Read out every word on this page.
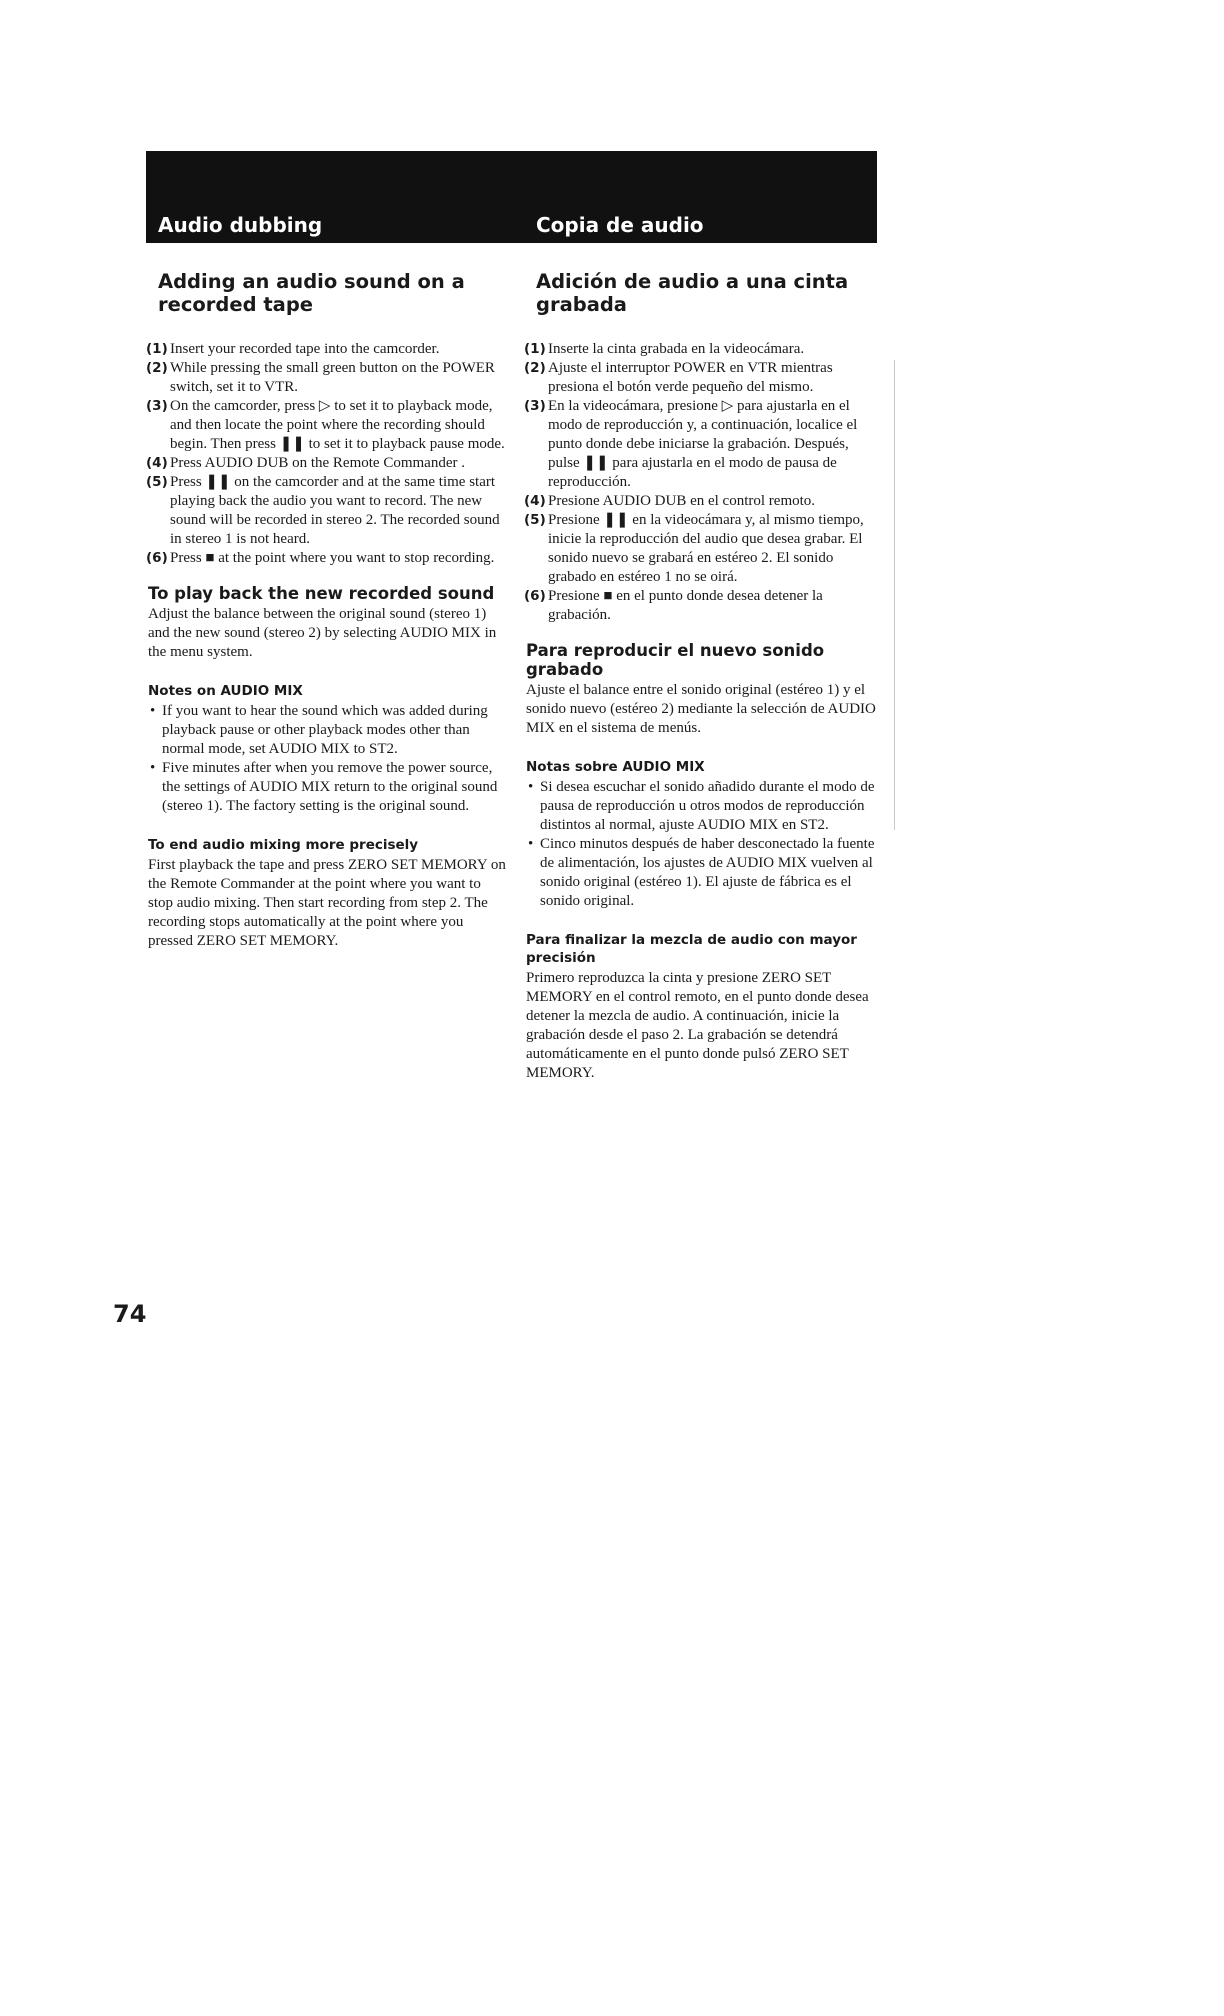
Audio dubbing	Copia de audio
Adding an audio sound on a recorded tape
(1) Insert your recorded tape into the camcorder.
(2) While pressing the small green button on the POWER switch, set it to VTR.
(3) On the camcorder, press ▷ to set it to playback mode, and then locate the point where the recording should begin. Then press ❚❚ to set it to playback pause mode.
(4) Press AUDIO DUB on the Remote Commander .
(5) Press ❚❚ on the camcorder and at the same time start playing back the audio you want to record. The new sound will be recorded in stereo 2. The recorded sound in stereo 1 is not heard.
(6) Press ■ at the point where you want to stop recording.
To play back the new recorded sound
Adjust the balance between the original sound (stereo 1) and the new sound (stereo 2) by selecting AUDIO MIX in the menu system.
Notes on AUDIO MIX
• If you want to hear the sound which was added during playback pause or other playback modes other than normal mode, set AUDIO MIX to ST2.
• Five minutes after when you remove the power source, the settings of AUDIO MIX return to the original sound (stereo 1). The factory setting is the original sound.
To end audio mixing more precisely
First playback the tape and press ZERO SET MEMORY on the Remote Commander at the point where you want to stop audio mixing. Then start recording from step 2. The recording stops automatically at the point where you pressed ZERO SET MEMORY.
Adición de audio a una cinta grabada
(1) Inserte la cinta grabada en la videocámara.
(2) Ajuste el interruptor POWER en VTR mientras presiona el botón verde pequeño del mismo.
(3) En la videocámara, presione ▷ para ajustarla en el modo de reproducción y, a continuación, localice el punto donde debe iniciarse la grabación. Después, pulse ❚❚ para ajustarla en el modo de pausa de reproducción.
(4) Presione AUDIO DUB en el control remoto.
(5) Presione ❚❚ en la videocámara y, al mismo tiempo, inicie la reproducción del audio que desea grabar. El sonido nuevo se grabará en estéreo 2. El sonido grabado en estéreo 1 no se oirá.
(6) Presione ■ en el punto donde desea detener la grabación.
Para reproducir el nuevo sonido grabado
Ajuste el balance entre el sonido original (estéreo 1) y el sonido nuevo (estéreo 2) mediante la selección de AUDIO MIX en el sistema de menús.
Notas sobre AUDIO MIX
• Si desea escuchar el sonido añadido durante el modo de pausa de reproducción u otros modos de reproducción distintos al normal, ajuste AUDIO MIX en ST2.
• Cinco minutos después de haber desconectado la fuente de alimentación, los ajustes de AUDIO MIX vuelven al sonido original (estéreo 1). El ajuste de fábrica es el sonido original.
Para finalizar la mezcla de audio con mayor precisión
Primero reproduzca la cinta y presione ZERO SET MEMORY en el control remoto, en el punto donde desea detener la mezcla de audio. A continuación, inicie la grabación desde el paso 2. La grabación se detendrá automáticamente en el punto donde pulsó ZERO SET MEMORY.
74
